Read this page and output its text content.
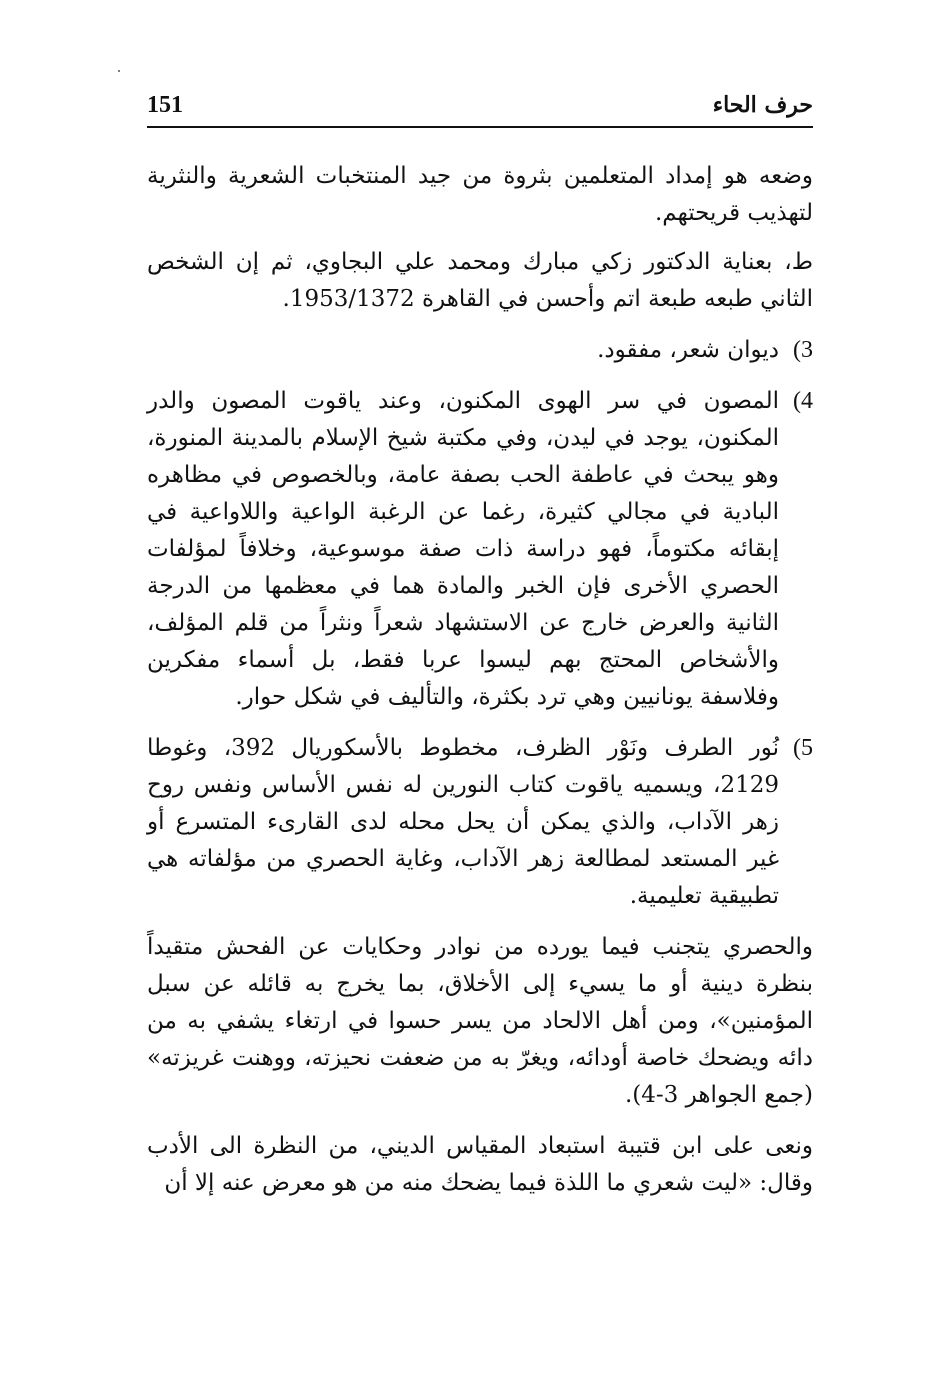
151	حرف الحاء

وضعه هو إمداد المتعلمين بثروة من جيد المنتخبات الشعرية والنثرية لتهذيب قريحتهم.

ط، بعناية الدكتور زكي مبارك ومحمد علي البجاوي، ثم إن الشخص الثاني طبعه طبعة اتم وأحسن في القاهرة 1953/1372.

3)
ديوان شعر، مفقود.
4)
المصون في سر الهوى المكنون، وعند ياقوت المصون والدر المكنون، يوجد في ليدن، وفي مكتبة شيخ الإسلام بالمدينة المنورة، وهو يبحث في عاطفة الحب بصفة عامة، وبالخصوص في مظاهره البادية في مجالي كثيرة، رغما عن الرغبة الواعية واللاواعية في إبقائه مكتوماً، فهو دراسة ذات صفة موسوعية، وخلافاً لمؤلفات الحصري الأخرى فإن الخبر والمادة هما في معظمها من الدرجة الثانية والعرض خارج عن الاستشهاد شعراً ونثراً من قلم المؤلف، والأشخاص المحتج بهم ليسوا عربا فقط، بل أسماء مفكرين وفلاسفة يونانيين وهي ترد بكثرة، والتأليف في شكل حوار.
5)
نُور الطرف ونَوْر الظرف، مخطوط بالأسكوريال 392، وغوطا 2129، ويسميه ياقوت كتاب النورين له نفس الأساس ونفس روح زهر الآداب، والذي يمكن أن يحل محله لدى القارىء المتسرع أو غير المستعد لمطالعة زهر الآداب، وغاية الحصري من مؤلفاته هي تطبيقية تعليمية.

والحصري يتجنب فيما يورده من نوادر وحكايات عن الفحش متقيداً بنظرة دينية أو ما يسيء إلى الأخلاق، بما يخرج به قائله عن سبل المؤمنين»، ومن أهل الالحاد من يسر حسوا في ارتغاء يشفي به من دائه ويضحك خاصة أودائه، ويغرّ به من ضعفت نحيزته، ووهنت غريزته» (جمع الجواهر 3-4).

ونعى على ابن قتيبة استبعاد المقياس الديني، من النظرة الى الأدب وقال: «ليت شعري ما اللذة فيما يضحك منه من هو معرض عنه إلا أن
